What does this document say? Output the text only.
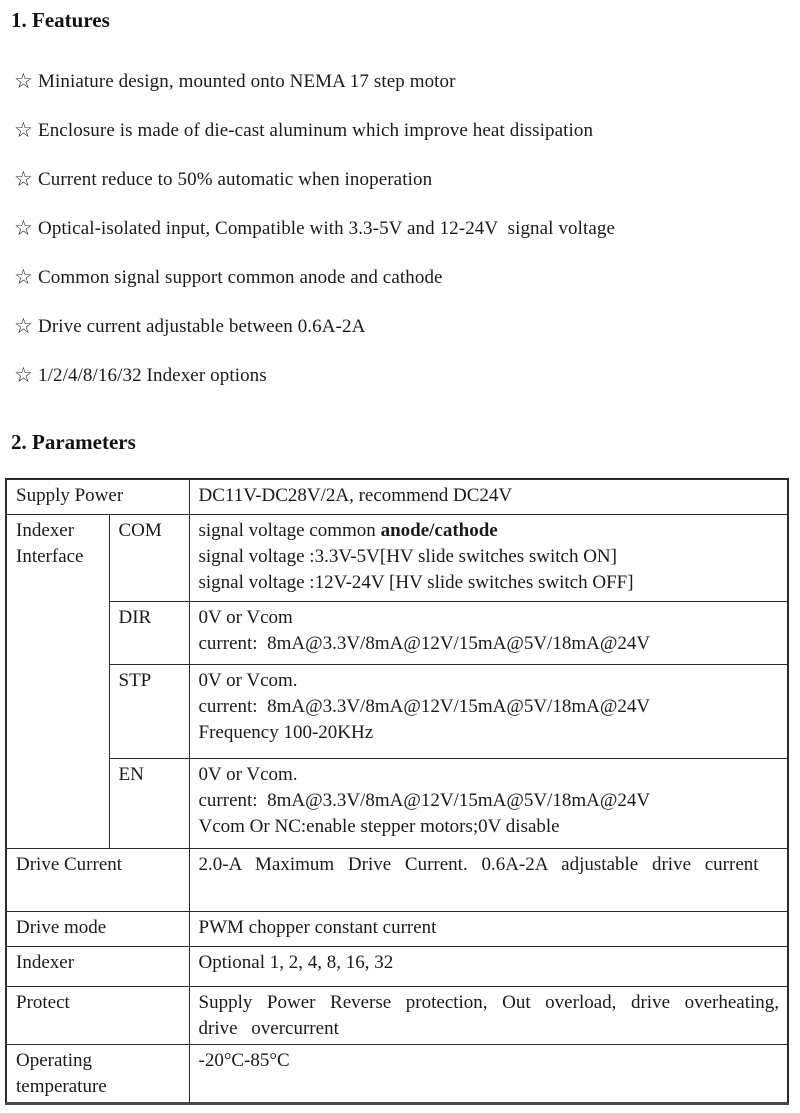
1. Features
☆ Miniature design, mounted onto NEMA 17 step motor
☆ Enclosure is made of die-cast aluminum which improve heat dissipation
☆ Current reduce to 50% automatic when inoperation
☆ Optical-isolated input, Compatible with 3.3-5V and 12-24V  signal voltage
☆ Common signal support common anode and cathode
☆ Drive current adjustable between 0.6A-2A
☆ 1/2/4/8/16/32 Indexer options
2. Parameters
Supply Power		DC11V-DC28V/2A, recommend DC24V
Indexer Interface	COM	signal voltage common anode/cathode
signal voltage :3.3V-5V[HV slide switches switch ON]
signal voltage :12V-24V [HV slide switches switch OFF]

	DIR	0V or Vcom
current:  8mA@3.3V/8mA@12V/15mA@5V/18mA@24V

	STP	0V or Vcom.
current:  8mA@3.3V/8mA@12V/15mA@5V/18mA@24V
Frequency 100-20KHz

	EN	0V or Vcom.
current:  8mA@3.3V/8mA@12V/15mA@5V/18mA@24V
Vcom Or NC:enable stepper motors;0V disable

Drive Current		2.0-A Maximum Drive Current. 0.6A-2A adjustable drive current
Drive mode		PWM chopper constant current
Indexer		Optional 1, 2, 4, 8, 16, 32
Protect		Supply Power Reverse protection, Out overload, drive overheating, drive overcurrent
Operating temperature		-20°C-85°C
